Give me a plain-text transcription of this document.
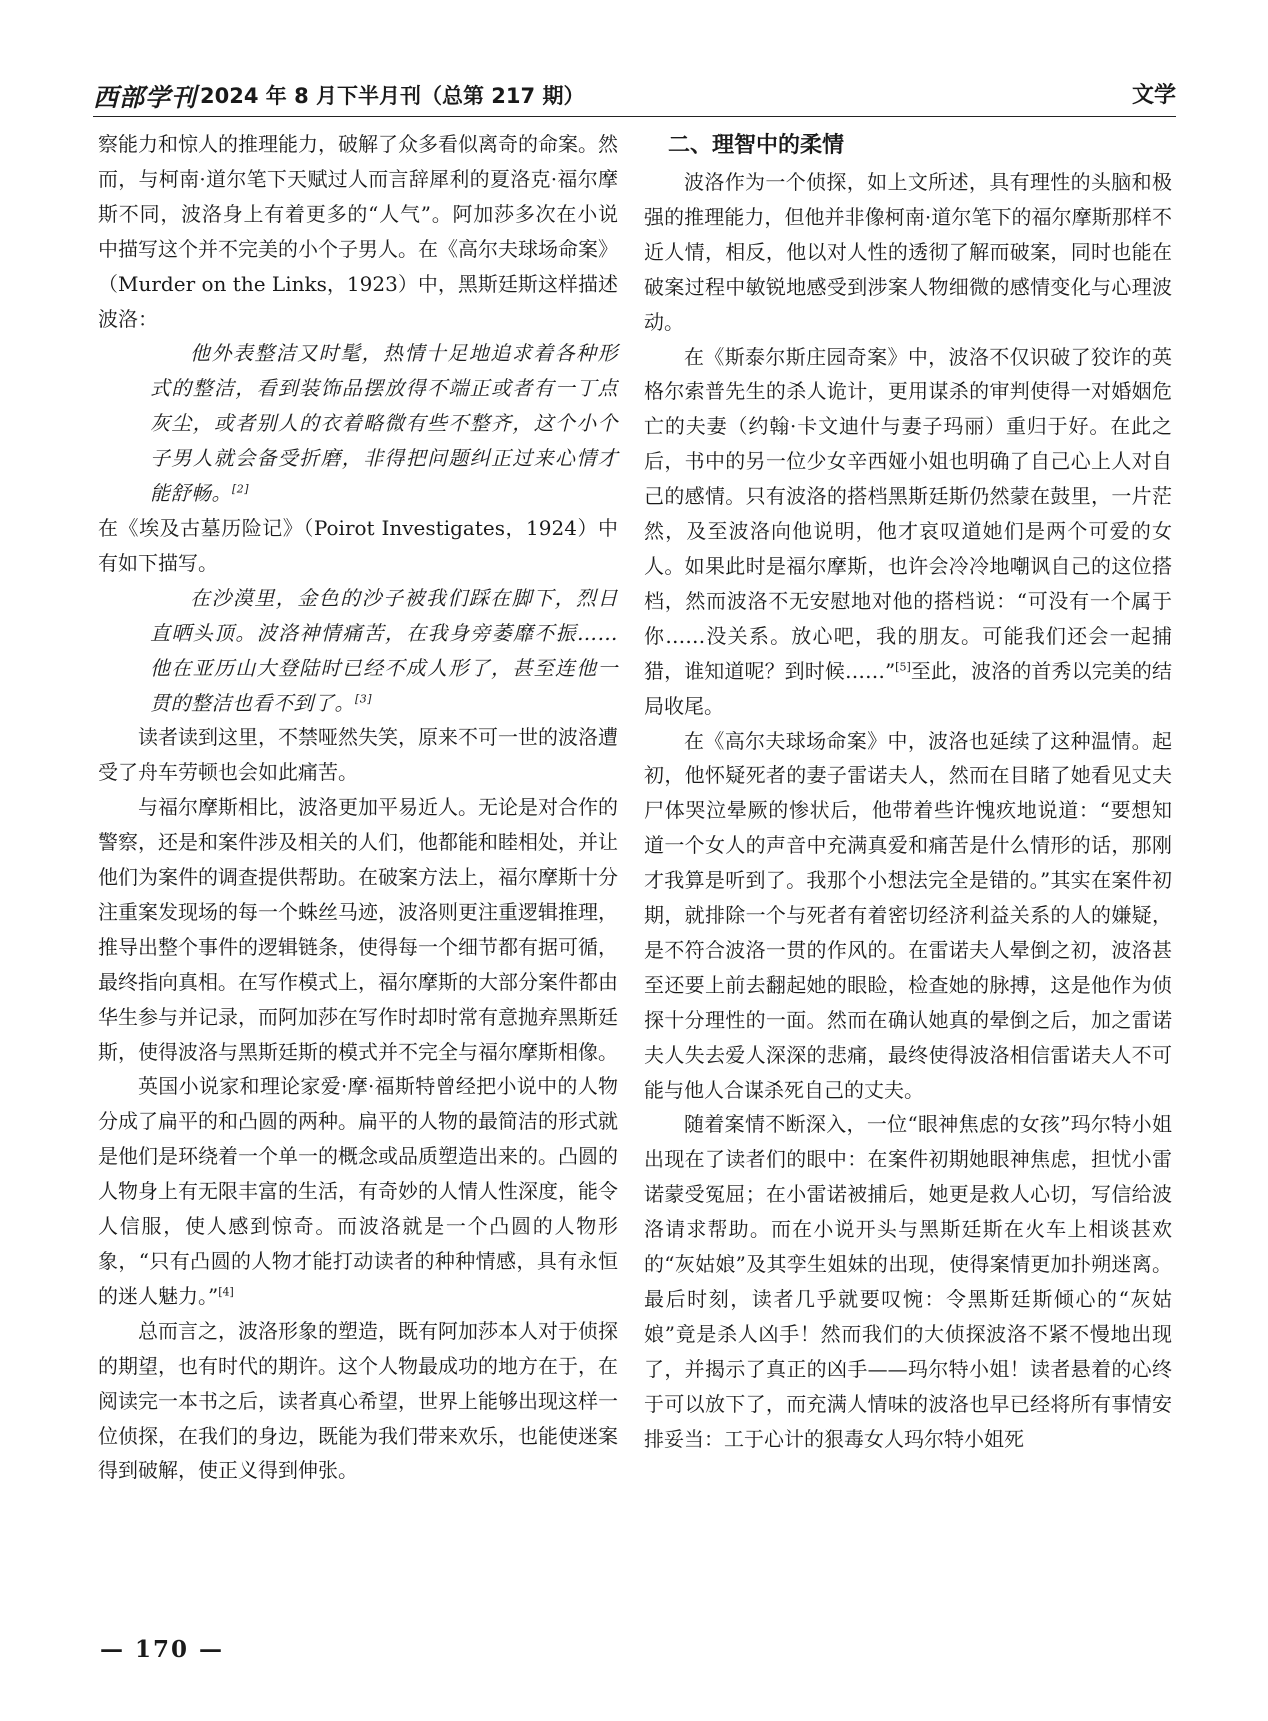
西部学刊 2024 年 8 月下半月刊（总第 217 期）	文学

察能力和惊人的推理能力，破解了众多看似离奇的命案。然而，与柯南·道尔笔下天赋过人而言辞犀利的夏洛克·福尔摩斯不同，波洛身上有着更多的“人气”。阿加莎多次在小说中描写这个并不完美的小个子男人。在《高尔夫球场命案》（Murder on the Links，1923）中，黑斯廷斯这样描述波洛：

他外表整洁又时髦，热情十足地追求着各种形式的整洁，看到装饰品摆放得不端正或者有一丁点灰尘，或者别人的衣着略微有些不整齐，这个小个子男人就会备受折磨，非得把问题纠正过来心情才能舒畅。[2]

在《埃及古墓历险记》（Poirot Investigates，1924）中有如下描写。

在沙漠里，金色的沙子被我们踩在脚下，烈日直晒头顶。波洛神情痛苦，在我身旁萎靡不振……他在亚历山大登陆时已经不成人形了，甚至连他一贯的整洁也看不到了。[3]

读者读到这里，不禁哑然失笑，原来不可一世的波洛遭受了舟车劳顿也会如此痛苦。

与福尔摩斯相比，波洛更加平易近人。无论是对合作的警察，还是和案件涉及相关的人们，他都能和睦相处，并让他们为案件的调查提供帮助。在破案方法上，福尔摩斯十分注重案发现场的每一个蛛丝马迹，波洛则更注重逻辑推理，推导出整个事件的逻辑链条，使得每一个细节都有据可循，最终指向真相。在写作模式上，福尔摩斯的大部分案件都由华生参与并记录，而阿加莎在写作时却时常有意抛弃黑斯廷斯，使得波洛与黑斯廷斯的模式并不完全与福尔摩斯相像。

英国小说家和理论家爱·摩·福斯特曾经把小说中的人物分成了扁平的和凸圆的两种。扁平的人物的最简洁的形式就是他们是环绕着一个单一的概念或品质塑造出来的。凸圆的人物身上有无限丰富的生活，有奇妙的人情人性深度，能令人信服，使人感到惊奇。而波洛就是一个凸圆的人物形象，“只有凸圆的人物才能打动读者的种种情感，具有永恒的迷人魅力。”[4]

总而言之，波洛形象的塑造，既有阿加莎本人对于侦探的期望，也有时代的期许。这个人物最成功的地方在于，在阅读完一本书之后，读者真心希望，世界上能够出现这样一位侦探，在我们的身边，既能为我们带来欢乐，也能使迷案得到破解，使正义得到伸张。

二、理智中的柔情

波洛作为一个侦探，如上文所述，具有理性的头脑和极强的推理能力，但他并非像柯南·道尔笔下的福尔摩斯那样不近人情，相反，他以对人性的透彻了解而破案，同时也能在破案过程中敏锐地感受到涉案人物细微的感情变化与心理波动。

在《斯泰尔斯庄园奇案》中，波洛不仅识破了狡诈的英格尔索普先生的杀人诡计，更用谋杀的审判使得一对婚姻危亡的夫妻（约翰·卡文迪什与妻子玛丽）重归于好。在此之后，书中的另一位少女辛西娅小姐也明确了自己心上人对自己的感情。只有波洛的搭档黑斯廷斯仍然蒙在鼓里，一片茫然，及至波洛向他说明，他才哀叹道她们是两个可爱的女人。如果此时是福尔摩斯，也许会冷冷地嘲讽自己的这位搭档，然而波洛不无安慰地对他的搭档说：“可没有一个属于你……没关系。放心吧，我的朋友。可能我们还会一起捕猎，谁知道呢？到时候……”[5]至此，波洛的首秀以完美的结局收尾。

在《高尔夫球场命案》中，波洛也延续了这种温情。起初，他怀疑死者的妻子雷诺夫人，然而在目睹了她看见丈夫尸体哭泣晕厥的惨状后，他带着些许愧疚地说道：“要想知道一个女人的声音中充满真爱和痛苦是什么情形的话，那刚才我算是听到了。我那个小想法完全是错的。”其实在案件初期，就排除一个与死者有着密切经济利益关系的人的嫌疑，是不符合波洛一贯的作风的。在雷诺夫人晕倒之初，波洛甚至还要上前去翻起她的眼睑，检查她的脉搏，这是他作为侦探十分理性的一面。然而在确认她真的晕倒之后，加之雷诺夫人失去爱人深深的悲痛，最终使得波洛相信雷诺夫人不可能与他人合谋杀死自己的丈夫。

随着案情不断深入，一位“眼神焦虑的女孩”玛尔特小姐出现在了读者们的眼中：在案件初期她眼神焦虑，担忧小雷诺蒙受冤屈；在小雷诺被捕后，她更是救人心切，写信给波洛请求帮助。而在小说开头与黑斯廷斯在火车上相谈甚欢的“灰姑娘”及其孪生姐妹的出现，使得案情更加扑朔迷离。最后时刻，读者几乎就要叹惋：令黑斯廷斯倾心的“灰姑娘”竟是杀人凶手！然而我们的大侦探波洛不紧不慢地出现了，并揭示了真正的凶手——玛尔特小姐！读者悬着的心终于可以放下了，而充满人情味的波洛也早已经将所有事情安排妥当：工于心计的狠毒女人玛尔特小姐死

— 170 —
